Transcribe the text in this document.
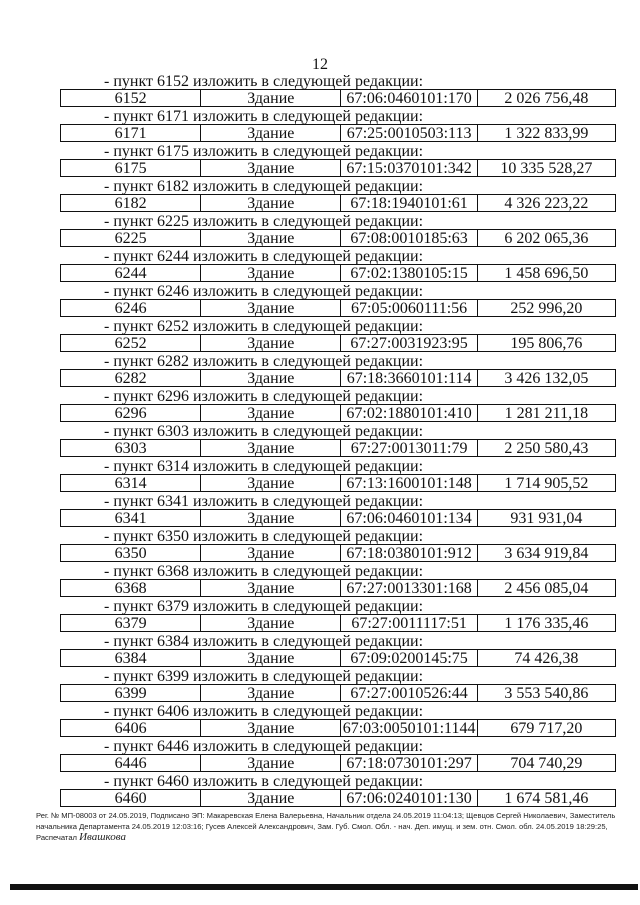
12
- пункт 6152 изложить в следующей редакции:
6152	Здание	67:06:0460101:170	2 026 756,48
- пункт 6171 изложить в следующей редакции:
6171	Здание	67:25:0010503:113	1 322 833,99
- пункт 6175 изложить в следующей редакции:
6175	Здание	67:15:0370101:342	10 335 528,27
- пункт 6182 изложить в следующей редакции:
6182	Здание	67:18:1940101:61	4 326 223,22
- пункт 6225 изложить в следующей редакции:
6225	Здание	67:08:0010185:63	6 202 065,36
- пункт 6244 изложить в следующей редакции:
6244	Здание	67:02:1380105:15	1 458 696,50
- пункт 6246 изложить в следующей редакции:
6246	Здание	67:05:0060111:56	252 996,20
- пункт 6252 изложить в следующей редакции:
6252	Здание	67:27:0031923:95	195 806,76
- пункт 6282 изложить в следующей редакции:
6282	Здание	67:18:3660101:114	3 426 132,05
- пункт 6296 изложить в следующей редакции:
6296	Здание	67:02:1880101:410	1 281 211,18
- пункт 6303 изложить в следующей редакции:
6303	Здание	67:27:0013011:79	2 250 580,43
- пункт 6314 изложить в следующей редакции:
6314	Здание	67:13:1600101:148	1 714 905,52
- пункт 6341 изложить в следующей редакции:
6341	Здание	67:06:0460101:134	931 931,04
- пункт 6350 изложить в следующей редакции:
6350	Здание	67:18:0380101:912	3 634 919,84
- пункт 6368 изложить в следующей редакции:
6368	Здание	67:27:0013301:168	2 456 085,04
- пункт 6379 изложить в следующей редакции:
6379	Здание	67:27:0011117:51	1 176 335,46
- пункт 6384 изложить в следующей редакции:
6384	Здание	67:09:0200145:75	74 426,38
- пункт 6399 изложить в следующей редакции:
6399	Здание	67:27:0010526:44	3 553 540,86
- пункт 6406 изложить в следующей редакции:
6406	Здание	67:03:0050101:1144	679 717,20
- пункт 6446 изложить в следующей редакции:
6446	Здание	67:18:0730101:297	704 740,29
- пункт 6460 изложить в следующей редакции:
6460	Здание	67:06:0240101:130	1 674 581,46
Рег. № МП-08003 от 24.05.2019, Подписано ЭП: Макаревская Елена Валерьевна, Начальник отдела 24.05.2019 11:04:13; Щевцов Сергей Николаевич, Заместитель начальника Департамента 24.05.2019 12:03:16; Гусев Алексей Александрович, Зам. Губ. Смол. Обл. - нач. Деп. имущ. и зем. отн. Смол. обл. 24.05.2019 18:29:25, Распечатал Ивашкова
